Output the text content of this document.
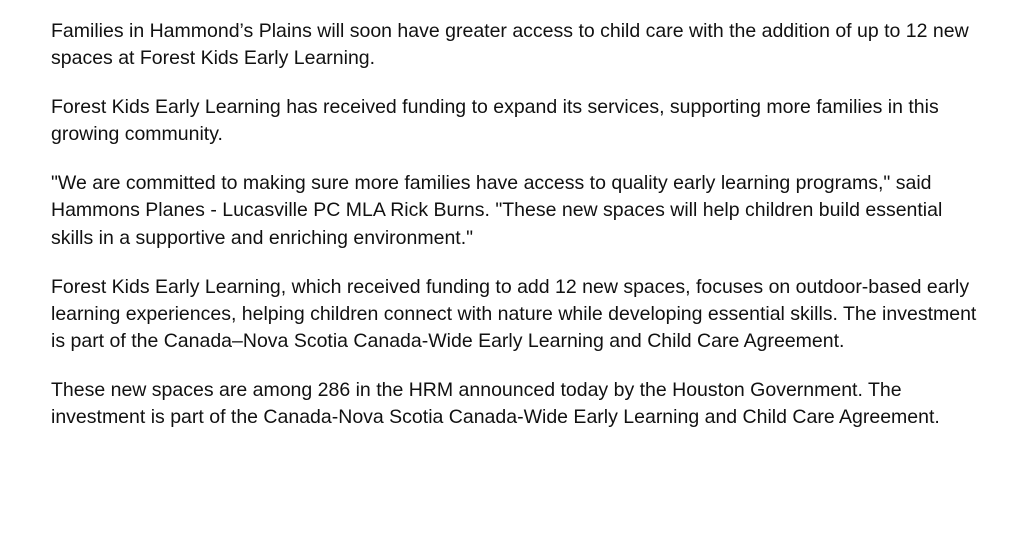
Families in Hammond’s Plains will soon have greater access to child care with the addition of up to 12 new spaces at Forest Kids Early Learning.

Forest Kids Early Learning has received funding to expand its services, supporting more families in this growing community.

"We are committed to making sure more families have access to quality early learning programs," said Hammons Planes - Lucasville PC MLA Rick Burns. "These new spaces will help children build essential skills in a supportive and enriching environment."

Forest Kids Early Learning, which received funding to add 12 new spaces, focuses on outdoor-based early learning experiences, helping children connect with nature while developing essential skills. The investment is part of the Canada–Nova Scotia Canada-Wide Early Learning and Child Care Agreement.

These new spaces are among 286 in the HRM announced today by the Houston Government. The investment is part of the Canada-Nova Scotia Canada-Wide Early Learning and Child Care Agreement.
